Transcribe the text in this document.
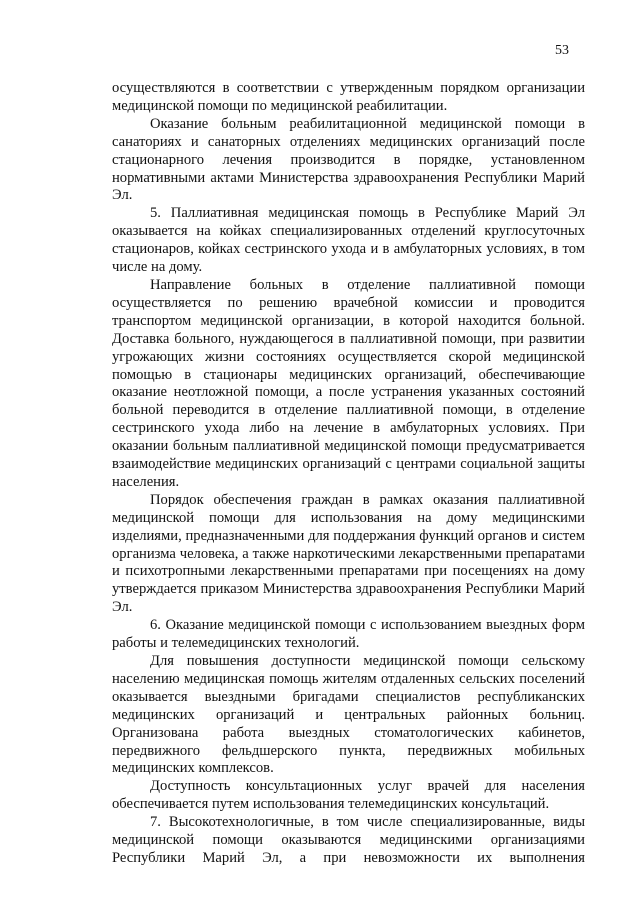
53

осуществляются в соответствии с утвержденным порядком организации медицинской помощи по медицинской реабилитации.

Оказание больным реабилитационной медицинской помощи в санаториях и санаторных отделениях медицинских организаций после стационарного лечения производится в порядке, установленном нормативными актами Министерства здравоохранения Республики Марий Эл.

5. Паллиативная медицинская помощь в Республике Марий Эл оказывается на койках специализированных отделений круглосуточных стационаров, койках сестринского ухода и в амбулаторных условиях, в том числе на дому.

Направление больных в отделение паллиативной помощи осуществляется по решению врачебной комиссии и проводится транспортом медицинской организации, в которой находится больной. Доставка больного, нуждающегося в паллиативной помощи, при развитии угрожающих жизни состояниях осуществляется скорой медицинской помощью в стационары медицинских организаций, обеспечивающие оказание неотложной помощи, а после устранения указанных состояний больной переводится в отделение паллиативной помощи, в отделение сестринского ухода либо на лечение в амбулаторных условиях. При оказании больным паллиативной медицинской помощи предусматривается взаимодействие медицинских организаций с центрами социальной защиты населения.

Порядок обеспечения граждан в рамках оказания паллиативной медицинской помощи для использования на дому медицинскими изделиями, предназначенными для поддержания функций органов и систем организма человека, а также наркотическими лекарственными препаратами и психотропными лекарственными препаратами при посещениях на дому утверждается приказом Министерства здравоохранения Республики Марий Эл.

6. Оказание медицинской помощи с использованием выездных форм работы и телемедицинских технологий.

Для повышения доступности медицинской помощи сельскому населению медицинская помощь жителям отдаленных сельских поселений оказывается выездными бригадами специалистов республиканских медицинских организаций и центральных районных больниц. Организована работа выездных стоматологических кабинетов, передвижного фельдшерского пункта, передвижных мобильных медицинских комплексов.

Доступность консультационных услуг врачей для населения обеспечивается путем использования телемедицинских консультаций.

7. Высокотехнологичные, в том числе специализированные, виды медицинской помощи оказываются медицинскими организациями Республики Марий Эл, а при невозможности их выполнения
